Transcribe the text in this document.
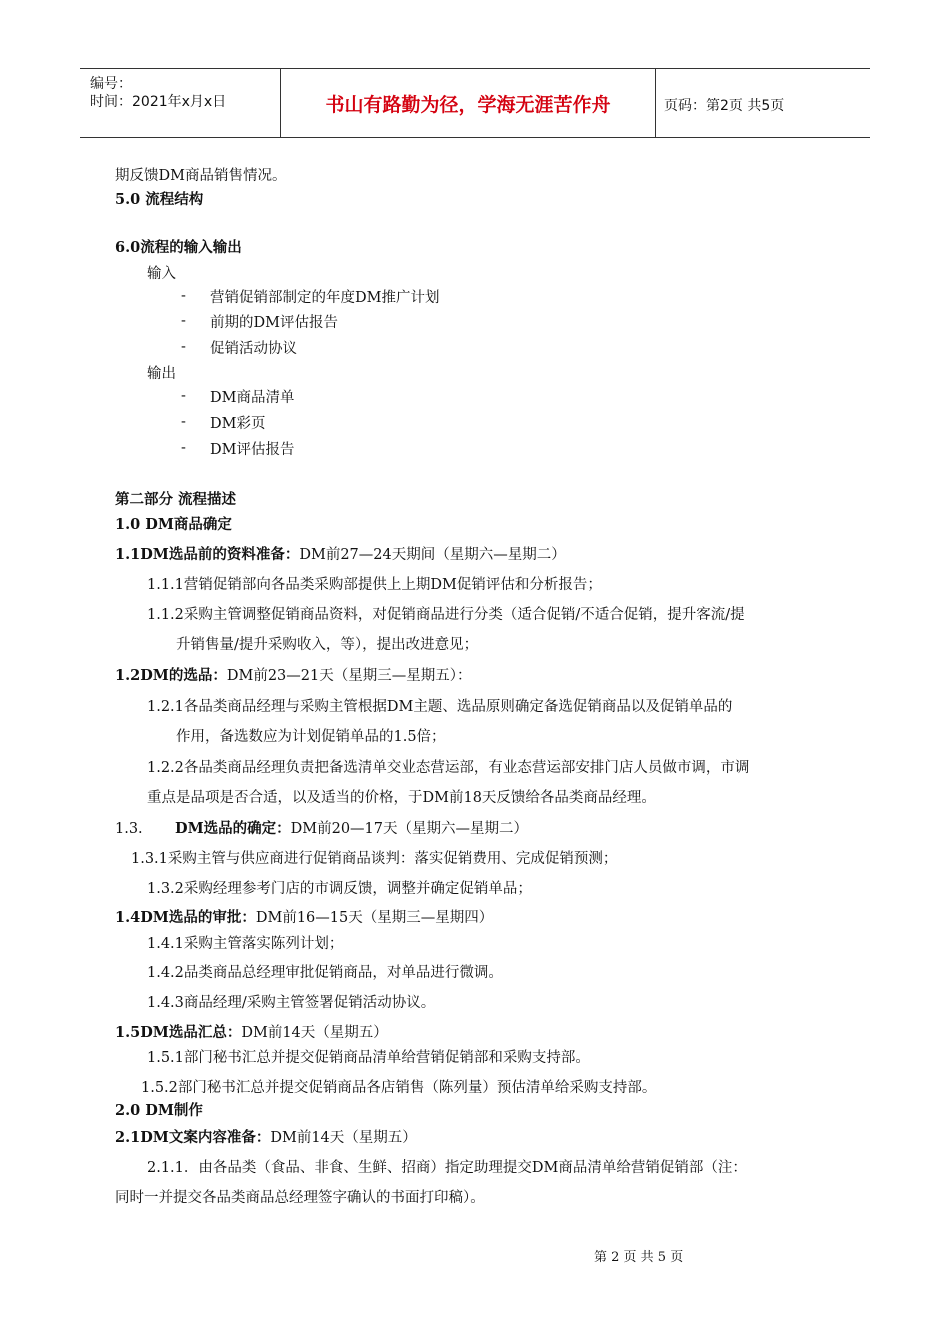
编号：
时间：2021年x月x日	书山有路勤为径，学海无涯苦作舟	页码：第2页 共5页
期反馈DM商品销售情况。
5.0 流程结构
6.0流程的输入输出
输入
- 营销促销部制定的年度DM推广计划
- 前期的DM评估报告
- 促销活动协议
输出
- DM商品清单
- DM彩页
- DM评估报告
第二部分 流程描述
1.0 DM商品确定
1.1DM选品前的资料准备：DM前27—24天期间（星期六—星期二）
1.1.1营销促销部向各品类采购部提供上上期DM促销评估和分析报告；
1.1.2采购主管调整促销商品资料，对促销商品进行分类（适合促销/不适合促销，提升客流/提
升销售量/提升采购收入，等），提出改进意见；
1.2DM的选品：DM前23—21天（星期三—星期五）：
1.2.1各品类商品经理与采购主管根据DM主题、选品原则确定备选促销商品以及促销单品的
作用，备选数应为计划促销单品的1.5倍；
1.2.2各品类商品经理负责把备选清单交业态营运部，有业态营运部安排门店人员做市调，市调
重点是品项是否合适，以及适当的价格，于DM前18天反馈给各品类商品经理。
1.3. DM选品的确定：DM前20—17天（星期六—星期二）
1.3.1采购主管与供应商进行促销商品谈判：落实促销费用、完成促销预测；
1.3.2采购经理参考门店的市调反馈，调整并确定促销单品；
1.4DM选品的审批：DM前16—15天（星期三—星期四）
1.4.1采购主管落实陈列计划；
1.4.2品类商品总经理审批促销商品，对单品进行微调。
1.4.3商品经理/采购主管签署促销活动协议。
1.5DM选品汇总：DM前14天（星期五）
1.5.1部门秘书汇总并提交促销商品清单给营销促销部和采购支持部。
1.5.2部门秘书汇总并提交促销商品各店销售（陈列量）预估清单给采购支持部。
2.0 DM制作
2.1DM文案内容准备：DM前14天（星期五）
2.1.1．由各品类（食品、非食、生鲜、招商）指定助理提交DM商品清单给营销促销部（注：
同时一并提交各品类商品总经理签字确认的书面打印稿）。
第 2 页 共 5 页
